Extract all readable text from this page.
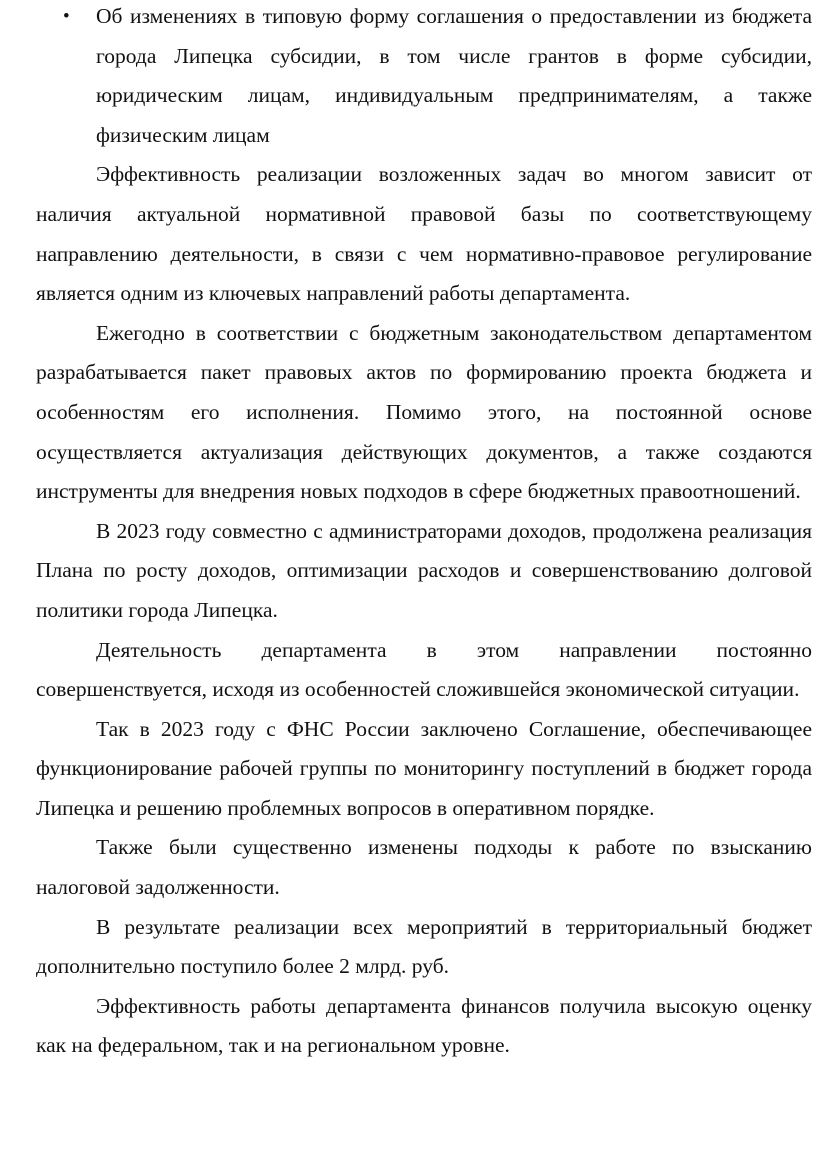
• Об изменениях в типовую форму соглашения о предоставлении из бюджета города Липецка субсидии, в том числе грантов в форме субсидии, юридическим лицам, индивидуальным предпринимателям, а также физическим лицам

Эффективность реализации возложенных задач во многом зависит от наличия актуальной нормативной правовой базы по соответствующему направлению деятельности, в связи с чем нормативно-правовое регулирование является одним из ключевых направлений работы департамента.

Ежегодно в соответствии с бюджетным законодательством департаментом разрабатывается пакет правовых актов по формированию проекта бюджета и особенностям его исполнения. Помимо этого, на постоянной основе осуществляется актуализация действующих документов, а также создаются инструменты для внедрения новых подходов в сфере бюджетных правоотношений.

В 2023 году совместно с администраторами доходов, продолжена реализация Плана по росту доходов, оптимизации расходов и совершенствованию долговой политики города Липецка.

Деятельность департамента в этом направлении постоянно совершенствуется, исходя из особенностей сложившейся экономической ситуации.

Так в 2023 году с ФНС России заключено Соглашение, обеспечивающее функционирование рабочей группы по мониторингу поступлений в бюджет города Липецка и решению проблемных вопросов в оперативном порядке.

Также были существенно изменены подходы к работе по взысканию налоговой задолженности.

В результате реализации всех мероприятий в территориальный бюджет дополнительно поступило более 2 млрд. руб.

Эффективность работы департамента финансов получила высокую оценку как на федеральном, так и на региональном уровне.
